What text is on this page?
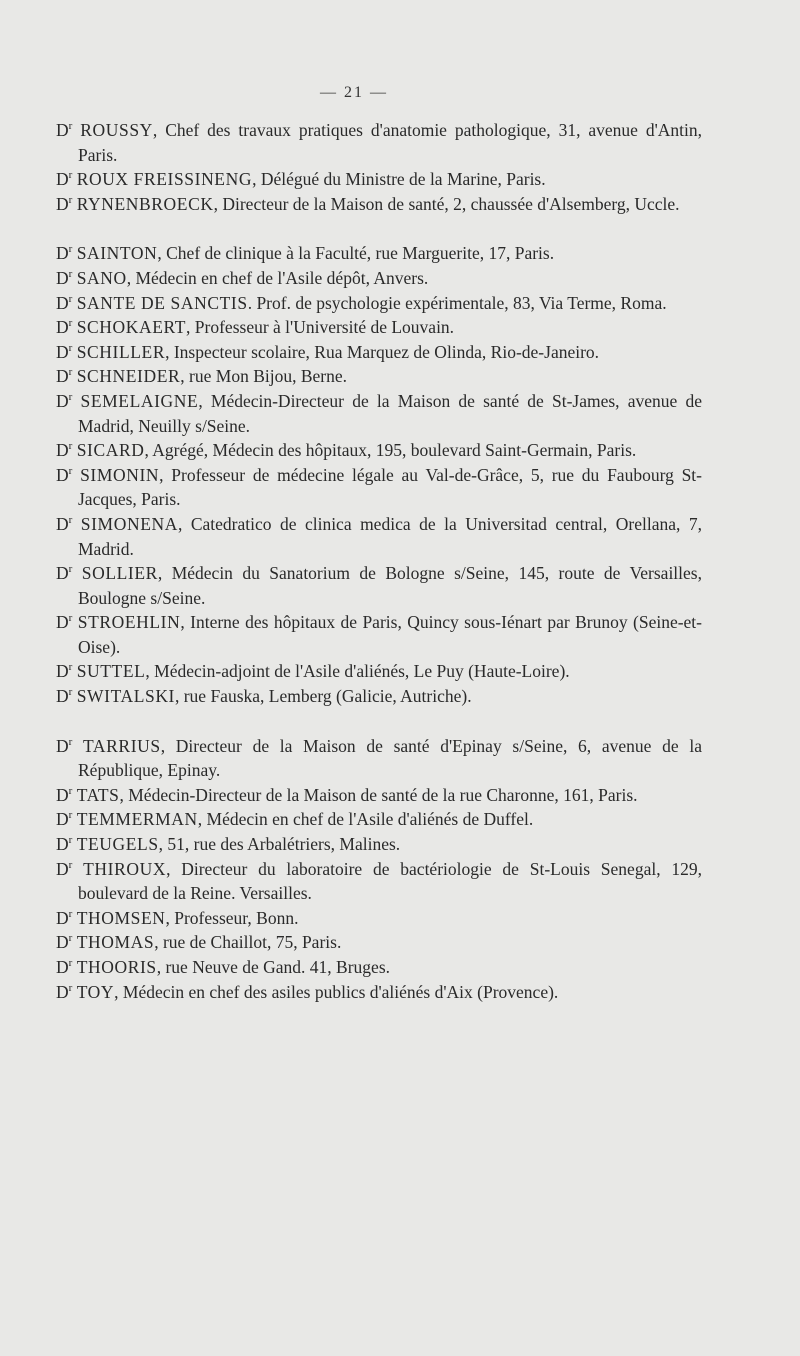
— 21 —

$D^r$ ROUSSY, Chef des travaux pratiques d'anatomie pathologique, 31, avenue d'Antin, Paris.

$D^r$ ROUX FREISSINENG, Délégué du Ministre de la Marine, Paris.

$D^r$ RYNENBROECK, Directeur de la Maison de santé, 2, chaussée d'Alsemberg, Uccle.

$D^r$ SAINTON, Chef de clinique à la Faculté, rue Marguerite, 17, Paris.

$D^r$ SANO, Médecin en chef de l'Asile dépôt, Anvers.

$D^r$ SANTE DE SANCTIS. Prof. de psychologie expérimentale, 83, Via Terme, Roma.

$D^r$ SCHOKAERT, Professeur à l'Université de Louvain.

$D^r$ SCHILLER, Inspecteur scolaire, Rua Marquez de Olinda, Rio-de-Janeiro.

$D^r$ SCHNEIDER, rue Mon Bijou, Berne.

$D^r$ SEMELAIGNE, Médecin-Directeur de la Maison de santé de St-James, avenue de Madrid, Neuilly s/Seine.

$D^r$ SICARD, Agrégé, Médecin des hôpitaux, 195, boulevard Saint-Germain, Paris.

$D^r$ SIMONIN, Professeur de médecine légale au Val-de-Grâce, 5, rue du Faubourg St-Jacques, Paris.

$D^r$ SIMONENA, Catedratico de clinica medica de la Universitad central, Orellana, 7, Madrid.

$D^r$ SOLLIER, Médecin du Sanatorium de Bologne s/Seine, 145, route de Versailles, Boulogne s/Seine.

$D^r$ STROEHLIN, Interne des hôpitaux de Paris, Quincy sous-Iénart par Brunoy (Seine-et-Oise).

$D^r$ SUTTEL, Médecin-adjoint de l'Asile d'aliénés, Le Puy (Haute-Loire).

$D^r$ SWITALSKI, rue Fauska, Lemberg (Galicie, Autriche).

$D^r$ TARRIUS, Directeur de la Maison de santé d'Epinay s/Seine, 6, avenue de la République, Epinay.

$D^r$ TATS, Médecin-Directeur de la Maison de santé de la rue Charonne, 161, Paris.

$D^r$ TEMMERMAN, Médecin en chef de l'Asile d'aliénés de Duffel.

$D^r$ TEUGELS, 51, rue des Arbalétriers, Malines.

$D^r$ THIROUX, Directeur du laboratoire de bactériologie de St-Louis Senegal, 129, boulevard de la Reine. Versailles.

$D^r$ THOMSEN, Professeur, Bonn.

$D^r$ THOMAS, rue de Chaillot, 75, Paris.

$D^r$ THOORIS, rue Neuve de Gand. 41, Bruges.

$D^r$ TOY, Médecin en chef des asiles publics d'aliénés d'Aix (Provence).
